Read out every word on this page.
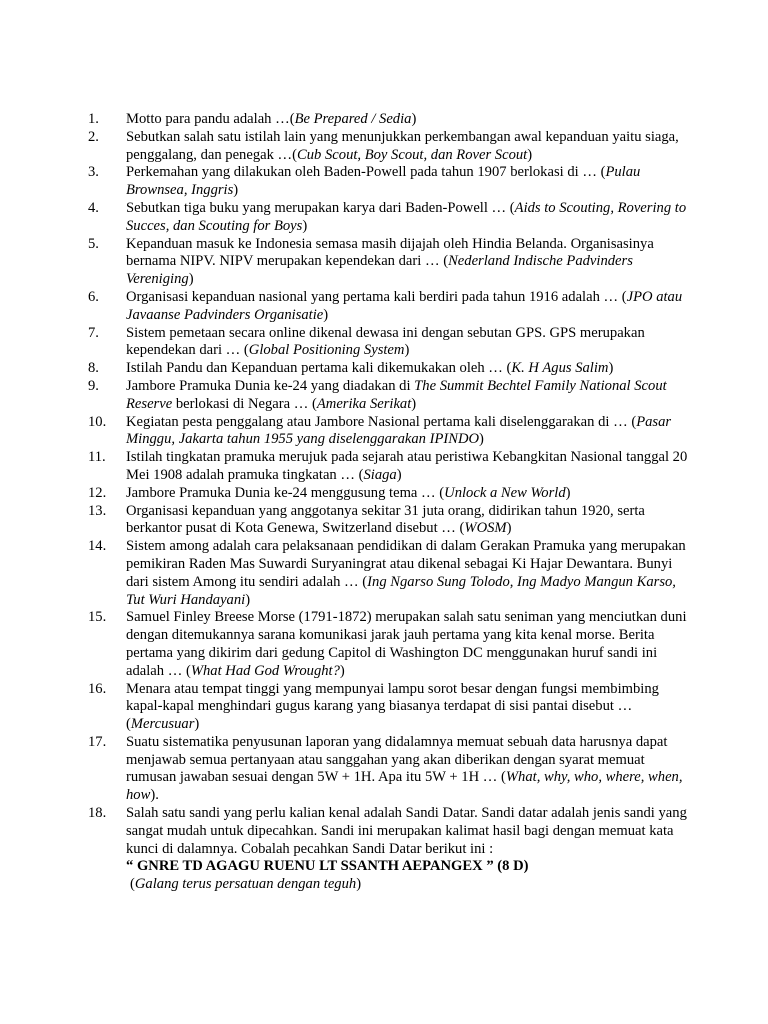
1. Motto para pandu adalah …(Be Prepared / Sedia)
2. Sebutkan salah satu istilah lain yang menunjukkan perkembangan awal kepanduan yaitu siaga, penggalang, dan penegak …(Cub Scout, Boy Scout, dan Rover Scout)
3. Perkemahan yang dilakukan oleh Baden-Powell pada tahun 1907 berlokasi di … (Pulau Brownsea, Inggris)
4. Sebutkan tiga buku yang merupakan karya dari Baden-Powell … (Aids to Scouting, Rovering to Succes, dan Scouting for Boys)
5. Kepanduan masuk ke Indonesia semasa masih dijajah oleh Hindia Belanda. Organisasinya bernama NIPV. NIPV merupakan kependekan dari … (Nederland Indische Padvinders Vereniging)
6. Organisasi kepanduan nasional yang pertama kali berdiri pada tahun 1916 adalah … (JPO atau Javaanse Padvinders Organisatie)
7. Sistem pemetaan secara online dikenal dewasa ini dengan sebutan GPS. GPS merupakan kependekan dari … (Global Positioning System)
8. Istilah Pandu dan Kepanduan pertama kali dikemukakan oleh … (K. H Agus Salim)
9. Jambore Pramuka Dunia ke-24 yang diadakan di The Summit Bechtel Family National Scout Reserve berlokasi di Negara … (Amerika Serikat)
10. Kegiatan pesta penggalang atau Jambore Nasional pertama kali diselenggarakan di … (Pasar Minggu, Jakarta tahun 1955 yang diselenggarakan IPINDO)
11. Istilah tingkatan pramuka merujuk pada sejarah atau peristiwa Kebangkitan Nasional tanggal 20 Mei 1908 adalah pramuka tingkatan … (Siaga)
12. Jambore Pramuka Dunia ke-24 menggusung tema … (Unlock a New World)
13. Organisasi kepanduan yang anggotanya sekitar 31 juta orang, didirikan tahun 1920, serta berkantor pusat di Kota Genewa, Switzerland disebut … (WOSM)
14. Sistem among adalah cara pelaksanaan pendidikan di dalam Gerakan Pramuka yang merupakan pemikiran Raden Mas Suwardi Suryaningrat atau dikenal sebagai Ki Hajar Dewantara. Bunyi dari sistem Among itu sendiri adalah … (Ing Ngarso Sung Tolodo, Ing Madyo Mangun Karso, Tut Wuri Handayani)
15. Samuel Finley Breese Morse (1791-1872) merupakan salah satu seniman yang menciutkan duni dengan ditemukannya sarana komunikasi jarak jauh pertama yang kita kenal morse. Berita pertama yang dikirim dari gedung Capitol di Washington DC menggunakan huruf sandi ini adalah … (What Had God Wrought?)
16. Menara atau tempat tinggi yang mempunyai lampu sorot besar dengan fungsi membimbing kapal-kapal menghindari gugus karang yang biasanya terdapat di sisi pantai disebut … (Mercusuar)
17. Suatu sistematika penyusunan laporan yang didalamnya memuat sebuah data harusnya dapat menjawab semua pertanyaan atau sanggahan yang akan diberikan dengan syarat memuat rumusan jawaban sesuai dengan 5W + 1H. Apa itu 5W + 1H … (What, why, who, where, when, how).
18. Salah satu sandi yang perlu kalian kenal adalah Sandi Datar. Sandi datar adalah jenis sandi yang sangat mudah untuk dipecahkan. Sandi ini merupakan kalimat hasil bagi dengan memuat kata kunci di dalamnya. Cobalah pecahkan Sandi Datar berikut ini :
“ GNRE TD AGAGU RUENU LT SSANTH AEPANGEX ” (8 D)
(Galang terus persatuan dengan teguh)
